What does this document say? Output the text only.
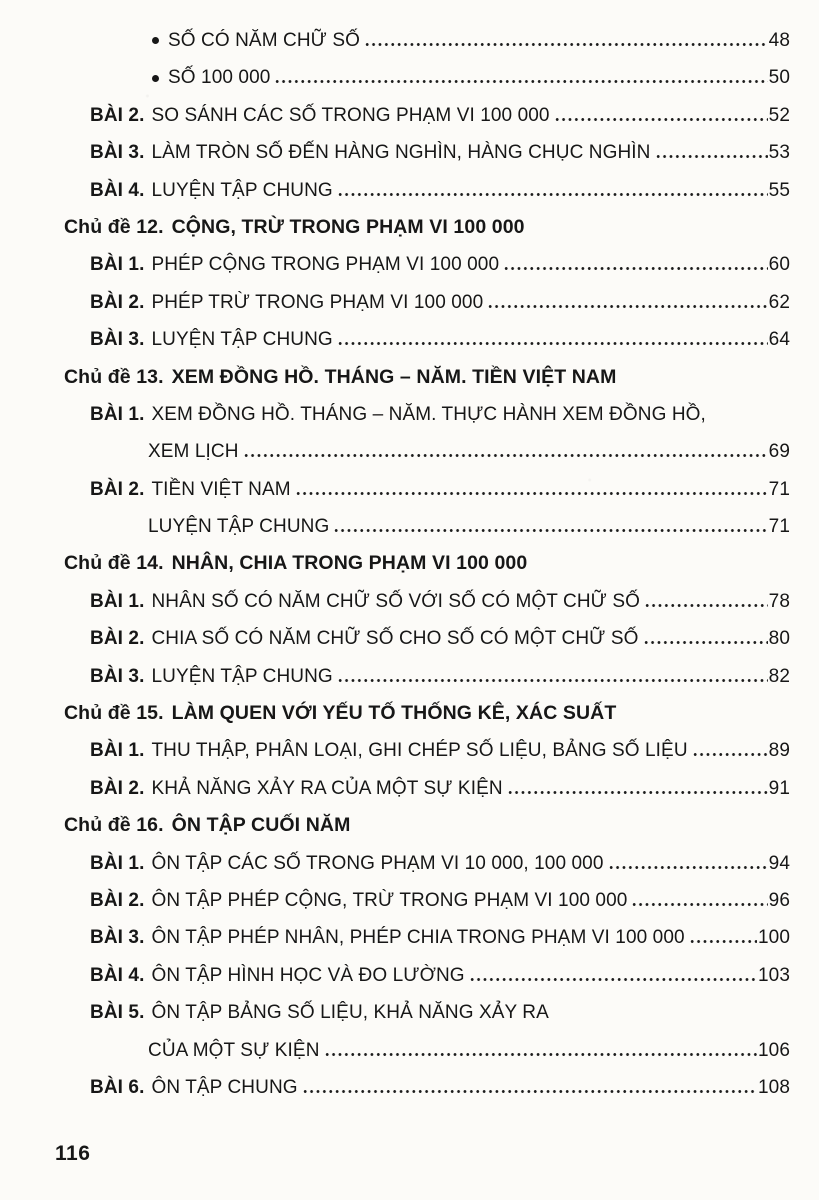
SỐ CÓ NĂM CHỮ SỐ	48
SỐ 100 000	50
BÀI 2. SO SÁNH CÁC SỐ TRONG PHẠM VI 100 000	52
BÀI 3. LÀM TRÒN SỐ ĐẾN HÀNG NGHÌN, HÀNG CHỤC NGHÌN	53
BÀI 4. LUYỆN TẬP CHUNG	55
Chủ đề 12. CỘNG, TRỪ TRONG PHẠM VI 100 000
BÀI 1. PHÉP CỘNG TRONG PHẠM VI 100 000	60
BÀI 2. PHÉP TRỪ TRONG PHẠM VI 100 000	62
BÀI 3. LUYỆN TẬP CHUNG	64
Chủ đề 13. XEM ĐỒNG HỒ. THÁNG – NĂM. TIỀN VIỆT NAM
BÀI 1. XEM ĐỒNG HỒ. THÁNG – NĂM. THỰC HÀNH XEM ĐỒNG HỒ,
XEM LỊCH	69
BÀI 2. TIỀN VIỆT NAM	71
LUYỆN TẬP CHUNG	71
Chủ đề 14. NHÂN, CHIA TRONG PHẠM VI 100 000
BÀI 1. NHÂN SỐ CÓ NĂM CHỮ SỐ VỚI SỐ CÓ MỘT CHỮ SỐ	78
BÀI 2. CHIA SỐ CÓ NĂM CHỮ SỐ CHO SỐ CÓ MỘT CHỮ SỐ	80
BÀI 3. LUYỆN TẬP CHUNG	82
Chủ đề 15. LÀM QUEN VỚI YẾU TỐ THỐNG KÊ, XÁC SUẤT
BÀI 1. THU THẬP, PHÂN LOẠI, GHI CHÉP SỐ LIỆU, BẢNG SỐ LIỆU	89
BÀI 2. KHẢ NĂNG XẢY RA CỦA MỘT SỰ KIỆN	91
Chủ đề 16. ÔN TẬP CUỐI NĂM
BÀI 1. ÔN TẬP CÁC SỐ TRONG PHẠM VI 10 000, 100 000	94
BÀI 2. ÔN TẬP PHÉP CỘNG, TRỪ TRONG PHẠM VI 100 000	96
BÀI 3. ÔN TẬP PHÉP NHÂN, PHÉP CHIA TRONG PHẠM VI 100 000	100
BÀI 4. ÔN TẬP HÌNH HỌC VÀ ĐO LƯỜNG	103
BÀI 5. ÔN TẬP BẢNG SỐ LIỆU, KHẢ NĂNG XẢY RA
CỦA MỘT SỰ KIỆN	106
BÀI 6. ÔN TẬP CHUNG	108
116
